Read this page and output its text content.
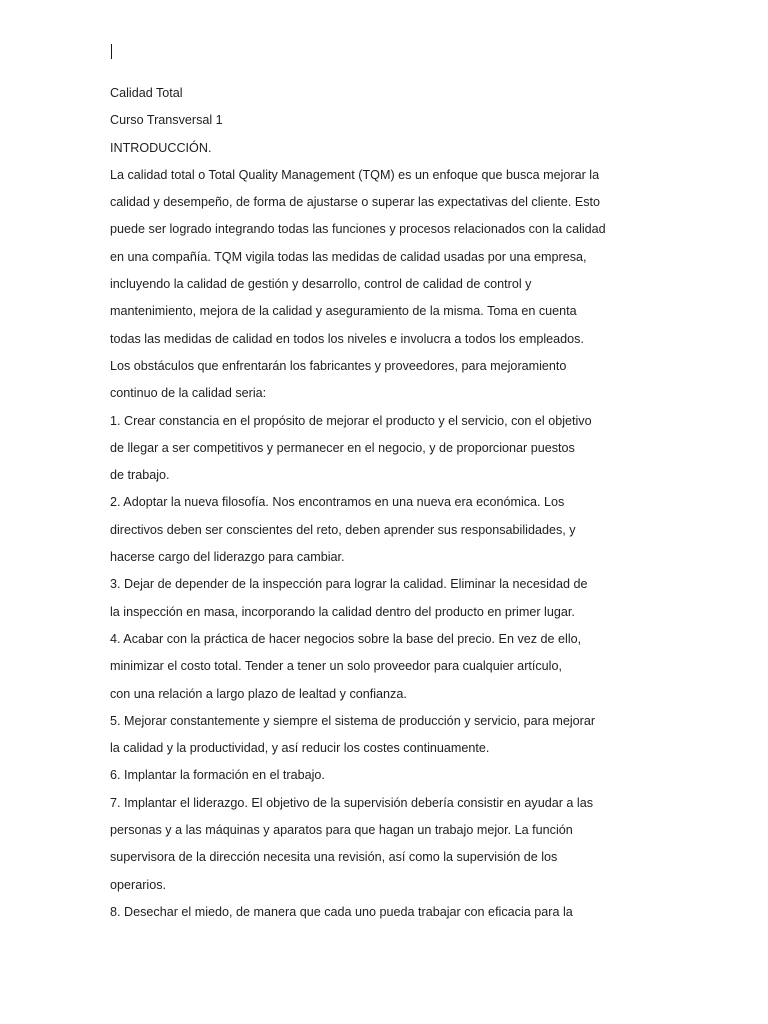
Calidad Total
Curso Transversal 1
INTRODUCCIÓN.
La calidad total o Total Quality Management (TQM) es un enfoque que busca mejorar la
calidad y desempeño, de forma de ajustarse o superar las expectativas del cliente. Esto
puede ser logrado integrando todas las funciones y procesos relacionados con la calidad
en una compañía. TQM vigila todas las medidas de calidad usadas por una empresa,
incluyendo la calidad de gestión y desarrollo, control de calidad de control y
mantenimiento, mejora de la calidad y aseguramiento de la misma. Toma en cuenta
todas las medidas de calidad en todos los niveles e involucra a todos los empleados.
Los obstáculos que enfrentarán los fabricantes y proveedores, para mejoramiento
continuo de la calidad seria:
1. Crear constancia en el propósito de mejorar el producto y el servicio, con el objetivo
de llegar a ser competitivos y permanecer en el negocio, y de proporcionar puestos
de trabajo.
2. Adoptar la nueva filosofía. Nos encontramos en una nueva era económica. Los
directivos deben ser conscientes del reto, deben aprender sus responsabilidades, y
hacerse cargo del liderazgo para cambiar.
3. Dejar de depender de la inspección para lograr la calidad. Eliminar la necesidad de
la inspección en masa, incorporando la calidad dentro del producto en primer lugar.
4. Acabar con la práctica de hacer negocios sobre la base del precio. En vez de ello,
minimizar el costo total. Tender a tener un solo proveedor para cualquier artículo,
con una relación a largo plazo de lealtad y confianza.
5. Mejorar constantemente y siempre el sistema de producción y servicio, para mejorar
la calidad y la productividad, y así reducir los costes continuamente.
6. Implantar la formación en el trabajo.
7. Implantar el liderazgo. El objetivo de la supervisión debería consistir en ayudar a las
personas y a las máquinas y aparatos para que hagan un trabajo mejor. La función
supervisora de la dirección necesita una revisión, así como la supervisión de los
operarios.
8. Desechar el miedo, de manera que cada uno pueda trabajar con eficacia para la
